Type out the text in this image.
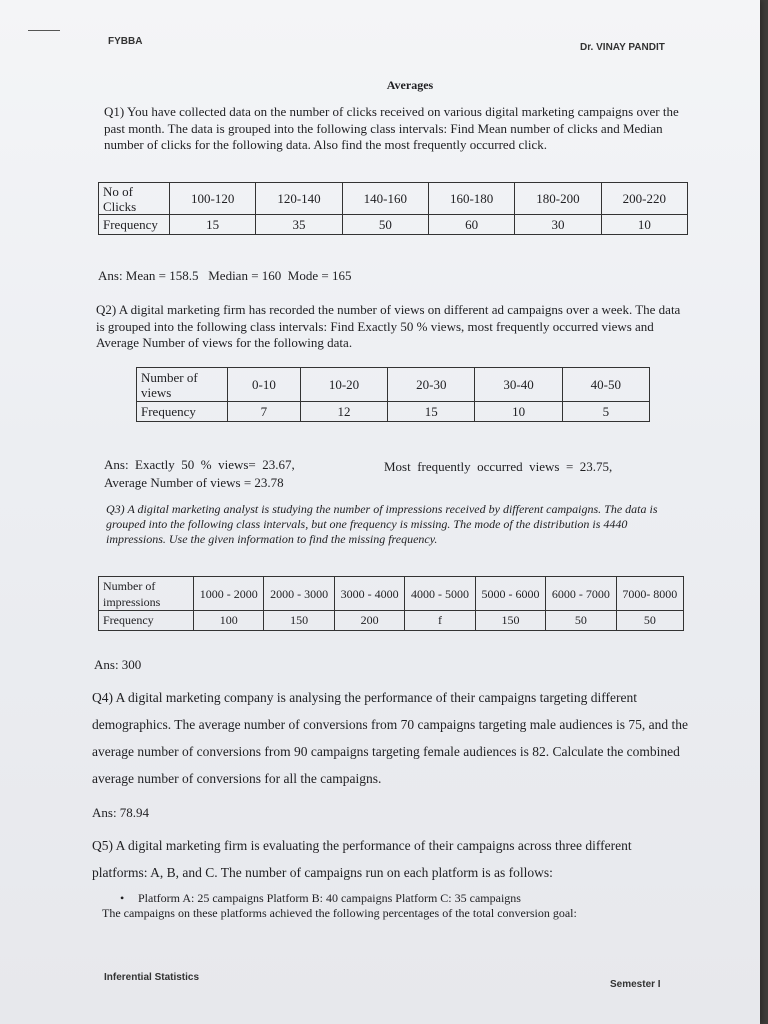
FYBBA
Dr. VINAY PANDIT
Averages

Q1) You have collected data on the number of clicks received on various digital marketing campaigns over the past month. The data is grouped into the following class intervals: Find Mean number of clicks and Median number of clicks for the following data. Also find the most frequently occurred click.

No of Clicks	100-120	120-140	140-160	160-180	180-200	200-220
Frequency	15	35	50	60	30	10
Ans: Mean = 158.5   Median = 160  Mode = 165

Q2) A digital marketing firm has recorded the number of views on different ad campaigns over a week. The data is grouped into the following class intervals: Find Exactly 50 % views, most frequently occurred views and Average Number of views for the following data.

Number of views	0-10	10-20	20-30	30-40	40-50
Frequency	7	12	15	10	5
Ans:  Exactly  50  %  views=  23.67,	Most  frequently  occurred  views  =  23.75,
Average Number of views = 23.78

Q3) A digital marketing analyst is studying the number of impressions received by different campaigns. The data is grouped into the following class intervals, but one frequency is missing. The mode of the distribution is 4440 impressions. Use the given information to find the missing frequency.

Number of impressions	1000 - 2000	2000 - 3000	3000 - 4000	4000 - 5000	5000 - 6000	6000 - 7000	7000- 8000
Frequency	100	150	200	f	150	50	50
Ans: 300

Q4) A digital marketing company is analysing the performance of their campaigns targeting different demographics. The average number of conversions from 70 campaigns targeting male audiences is 75, and the average number of conversions from 90 campaigns targeting female audiences is 82. Calculate the combined average number of conversions for all the campaigns.

Ans: 78.94

Q5) A digital marketing firm is evaluating the performance of their campaigns across three different platforms: A, B, and C. The number of campaigns run on each platform is as follows:

• Platform A: 25 campaigns Platform B: 40 campaigns Platform C: 35 campaigns

The campaigns on these platforms achieved the following percentages of the total conversion goal:

Inferential Statistics
Semester I
